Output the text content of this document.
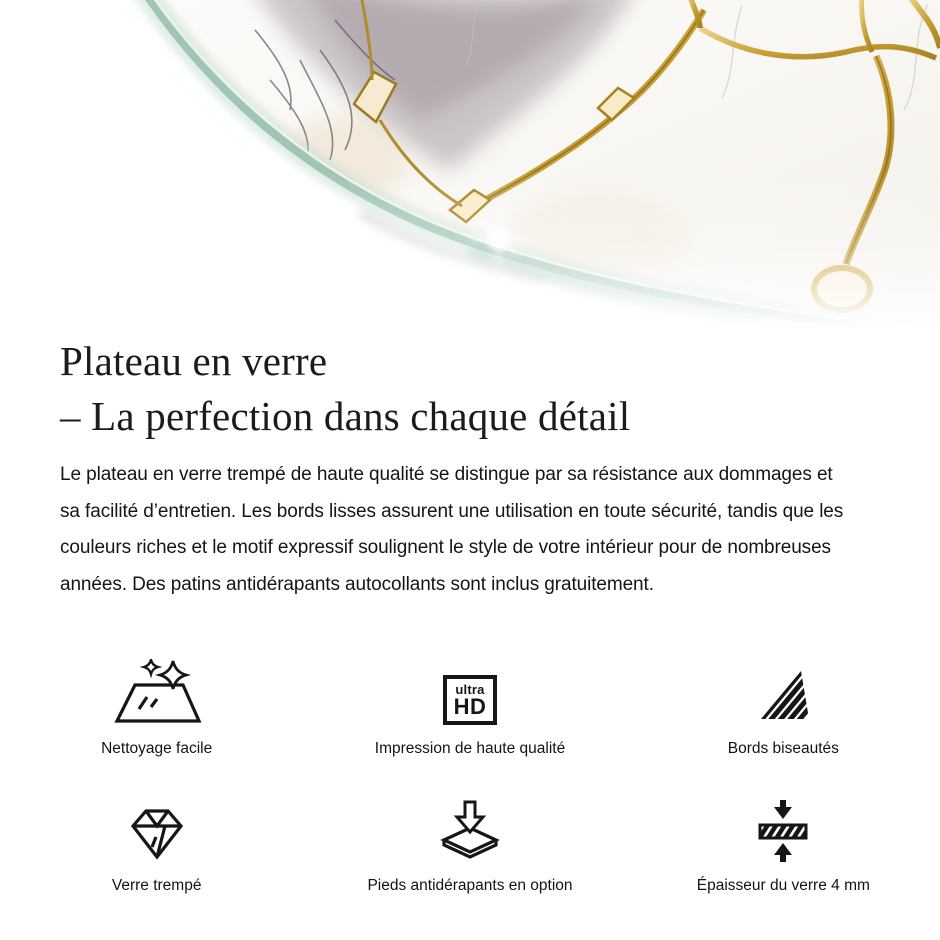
Plateau en verre
– La perfection dans chaque détail
Le plateau en verre trempé de haute qualité se distingue par sa résistance aux dommages et
sa facilité d’entretien. Les bords lisses assurent une utilisation en toute sécurité, tandis que les
couleurs riches et le motif expressif soulignent le style de votre intérieur pour de nombreuses
années. Des patins antidérapants autocollants sont inclus gratuitement.
Nettoyage facile
ultra
HD
Impression de haute qualité	Bords biseautés
Verre trempé	Pieds antidérapants en option	Épaisseur du verre 4 mm
